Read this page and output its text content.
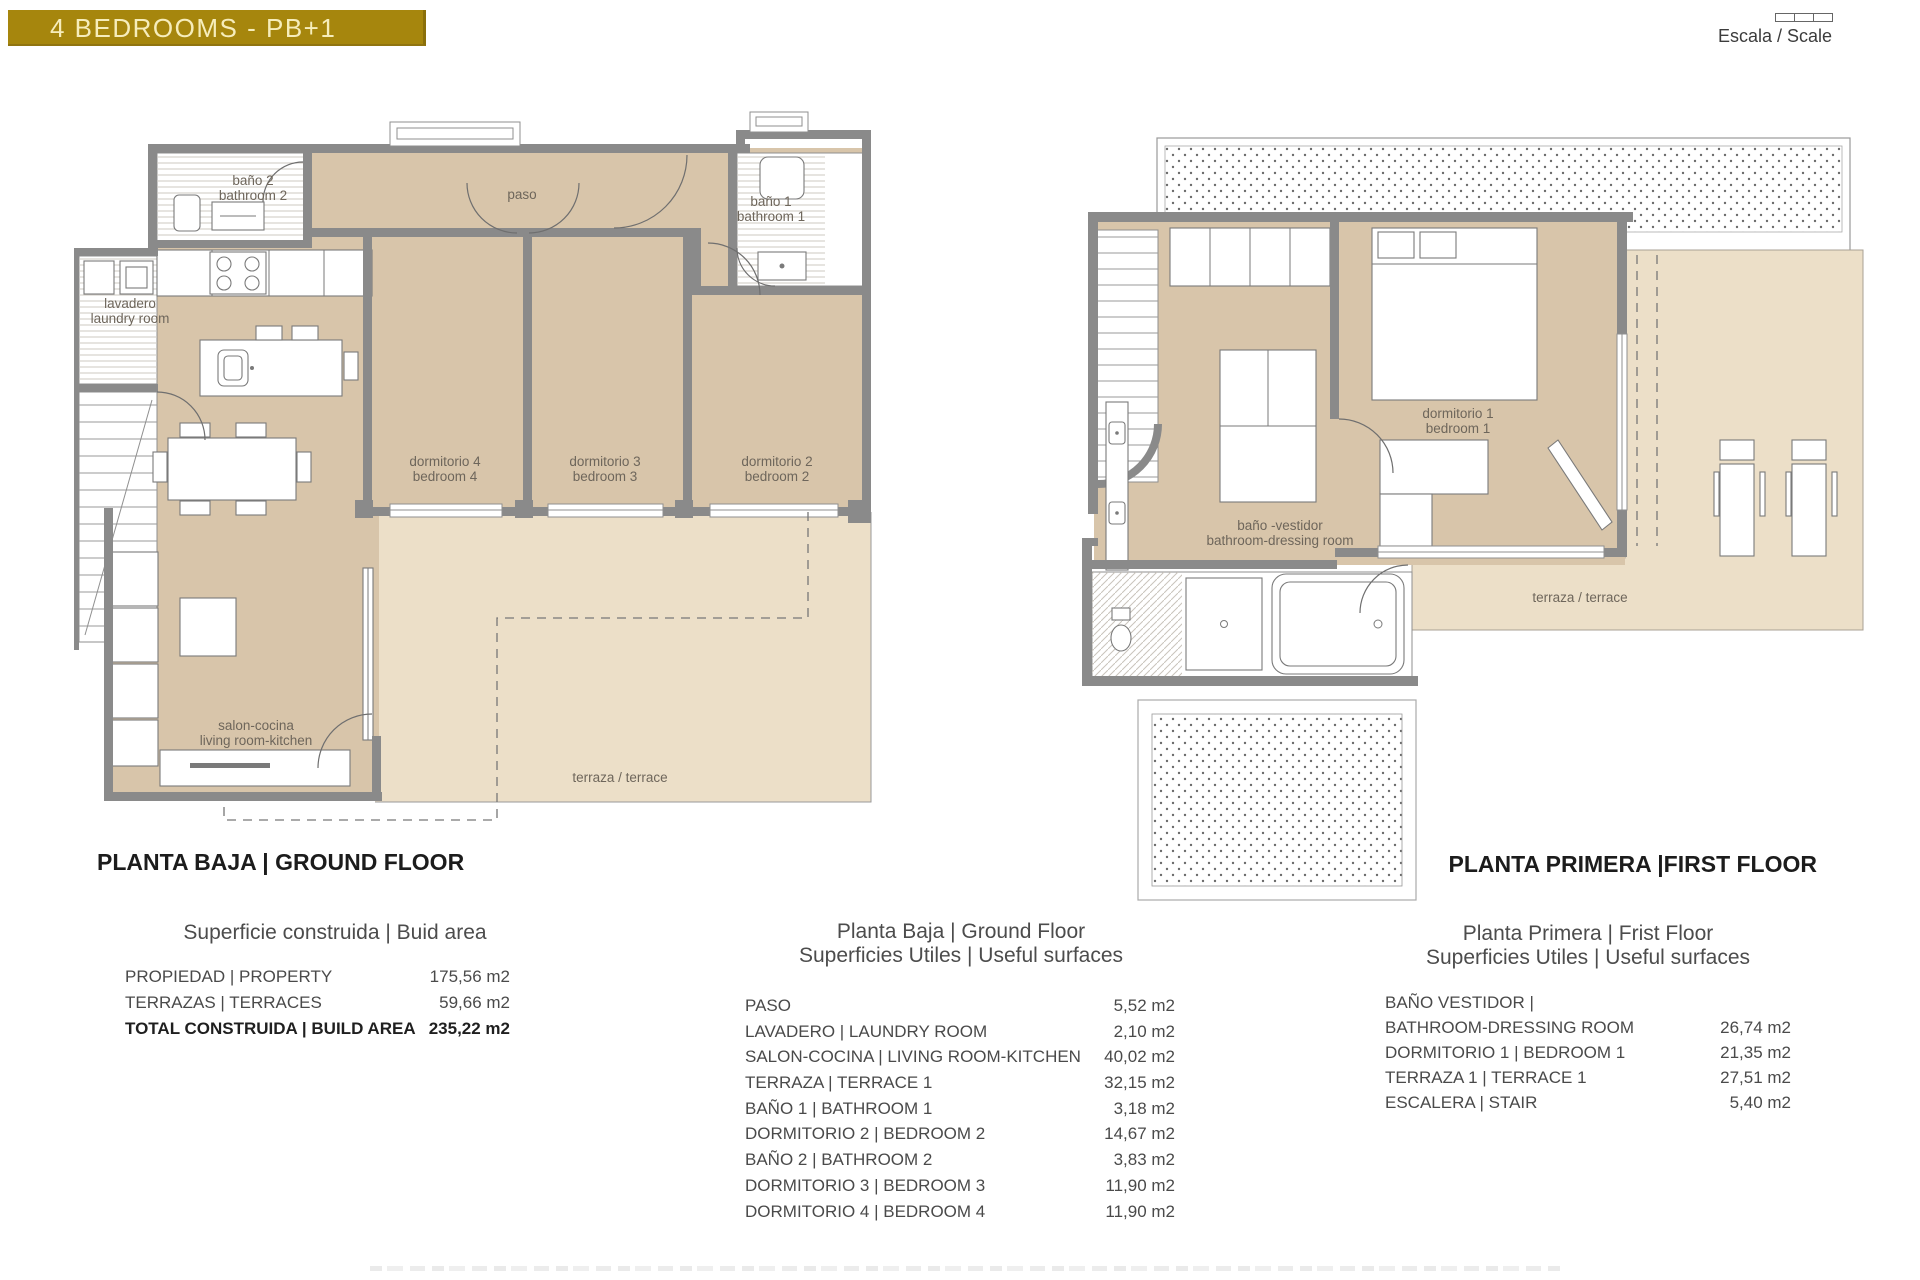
4 BEDROOMS - PB+1	Escala / Scale
baño 2
bathroom 2
lavadero
laundry room
paso	baño 1
bathroom 1
dormitorio 4
bedroom 4
dormitorio 3
bedroom 3
dormitorio 2
bedroom 2
salon-cocina
living room-kitchen
terraza / terrace
dormitorio 1
bedroom 1
baño -vestidor
bathroom-dressing room
terraza / terrace
PLANTA BAJA | GROUND FLOOR	PLANTA PRIMERA |FIRST FLOOR
Superficie construida | Buid area
PROPIEDAD | PROPERTY	175,56 m2
TERRAZAS | TERRACES	59,66 m2
TOTAL CONSTRUIDA | BUILD AREA 235,22 m2
Planta Baja | Ground Floor
Superficies Utiles | Useful surfaces
PASO	5,52 m2
LAVADERO | LAUNDRY ROOM	2,10 m2
SALON-COCINA | LIVING ROOM-KITCHEN 40,02 m2
TERRAZA | TERRACE 1	32,15 m2
BAÑO 1 | BATHROOM 1	3,18 m2
DORMITORIO 2 | BEDROOM 2	14,67 m2
BAÑO 2 | BATHROOM 2	3,83 m2
DORMITORIO 3 | BEDROOM 3	11,90 m2
DORMITORIO 4 | BEDROOM 4	11,90 m2
Planta Primera | Frist Floor
Superficies Utiles | Useful surfaces
BAÑO VESTIDOR |
BATHROOM-DRESSING ROOM	26,74 m2
DORMITORIO 1 | BEDROOM 1	21,35 m2
TERRAZA 1 | TERRACE 1	27,51 m2
ESCALERA | STAIR	5,40 m2
